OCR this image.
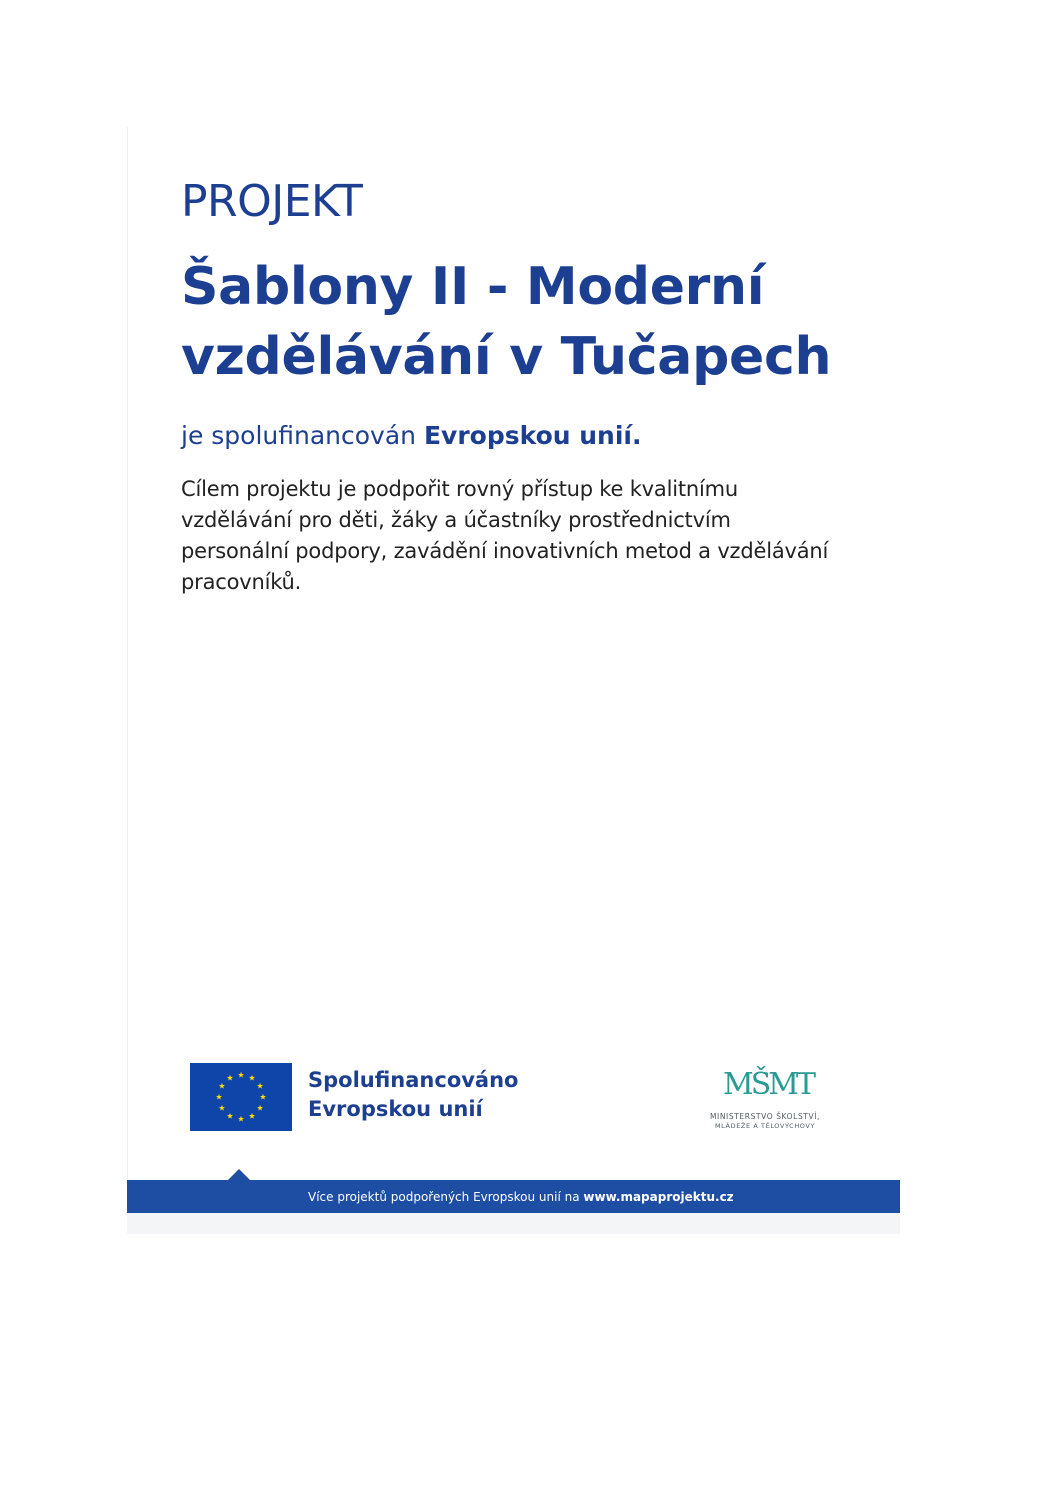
PROJEKT
Šablony II - Moderní
vzdělávání v Tučapech
je spolufinancován Evropskou unií.
Cílem projektu je podpořit rovný přístup ke kvalitnímu
vzdělávání pro děti, žáky a účastníky prostřednictvím
personální podpory, zavádění inovativních metod a vzdělávání
pracovníků.
Spolufinancováno
Evropskou unií
MŠMT
MINISTERSTVO ŠKOLSTVÍ,
MLÁDEŽE A TĚLOVÝCHOVY
Více projektů podpořených Evropskou unií na www.mapaprojektu.cz
